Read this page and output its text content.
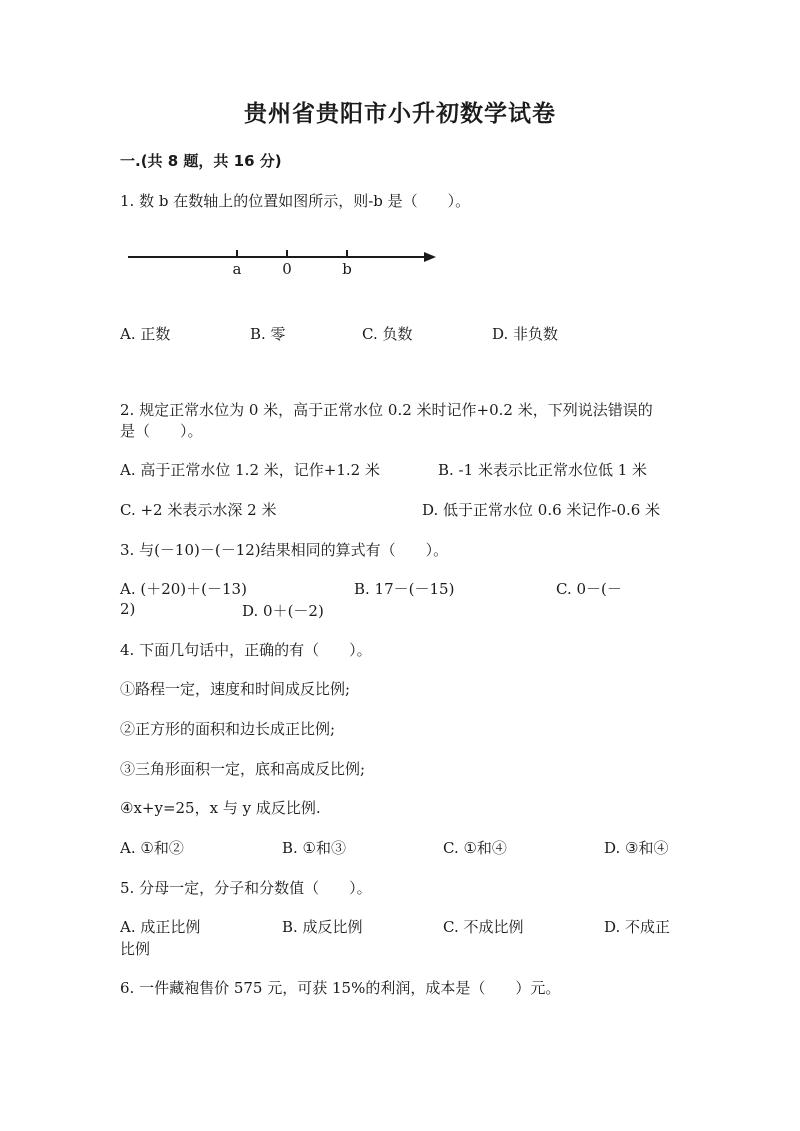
贵州省贵阳市小升初数学试卷
一.(共 8 题，共 16 分)
1. 数 b 在数轴上的位置如图所示，则-b 是（　　）。
a	0	b
A. 正数	B. 零	C. 负数	D. 非负数
2. 规定正常水位为 0 米，高于正常水位 0.2 米时记作+0.2 米，下列说法错误的
是（　　）。
A. 高于正常水位 1.2 米，记作+1.2 米	B. -1 米表示比正常水位低 1 米
C. +2 米表示水深 2 米	D. 低于正常水位 0.6 米记作-0.6 米
3. 与(－10)－(－12)结果相同的算式有（　　）。
A. (＋20)＋(－13)	B. 17－(－15)	C. 0－(－
2)	D. 0＋(－2)
4. 下面几句话中，正确的有（　　）。
①路程一定，速度和时间成反比例;
②正方形的面积和边长成正比例;
③三角形面积一定，底和高成反比例;
④x+y=25，x 与 y 成反比例.
A. ①和②	B. ①和③	C. ①和④	D. ③和④
5. 分母一定，分子和分数值（　　）。
A. 成正比例	B. 成反比例	C. 不成比例	D. 不成正
比例
6. 一件藏袍售价 575 元，可获 15%的利润，成本是（　　）元。
